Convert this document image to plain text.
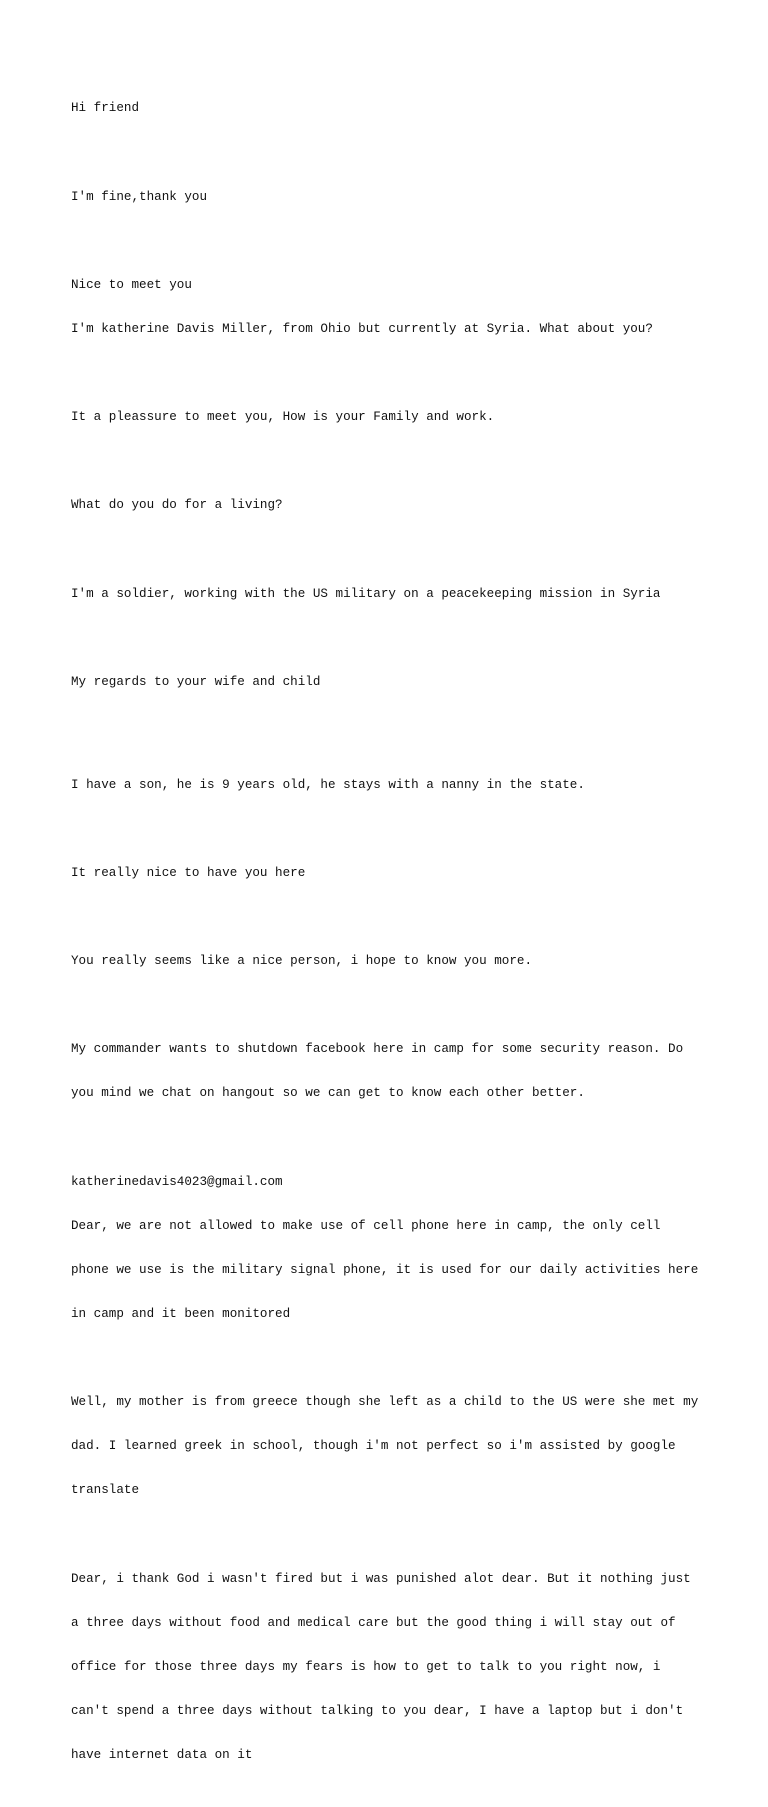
Hi friend

I'm fine,thank you

Nice to meet you

I'm katherine Davis Miller, from Ohio but currently at Syria. What about you?

It a pleassure to meet you, How is your Family and work.

What do you do for a living?

I'm a soldier, working with the US military on a peacekeeping mission in Syria

My regards to your wife and child

I have a son, he is 9 years old, he stays with a nanny in the state.

It really nice to have you here

You really seems like a nice person, i hope to know you more.

My commander wants to shutdown facebook here in camp for some security reason. Do

you mind we chat on hangout so we can get to know each other better.

katherinedavis4023@gmail.com

Dear, we are not allowed to make use of cell phone here in camp, the only cell

phone we use is the military signal phone, it is used for our daily activities here

in camp and it been monitored

Well, my mother is from greece though she left as a child to the US were she met my

dad. I learned greek in school, though i'm not perfect so i'm assisted by google

translate

Dear, i thank God i wasn't fired but i was punished alot dear. But it nothing just

a three days without food and medical care but the good thing i will stay out of

office for those three days my fears is how to get to talk to you right now, i

can't spend a three days without talking to you dear, I have a laptop but i don't

have internet data on it
